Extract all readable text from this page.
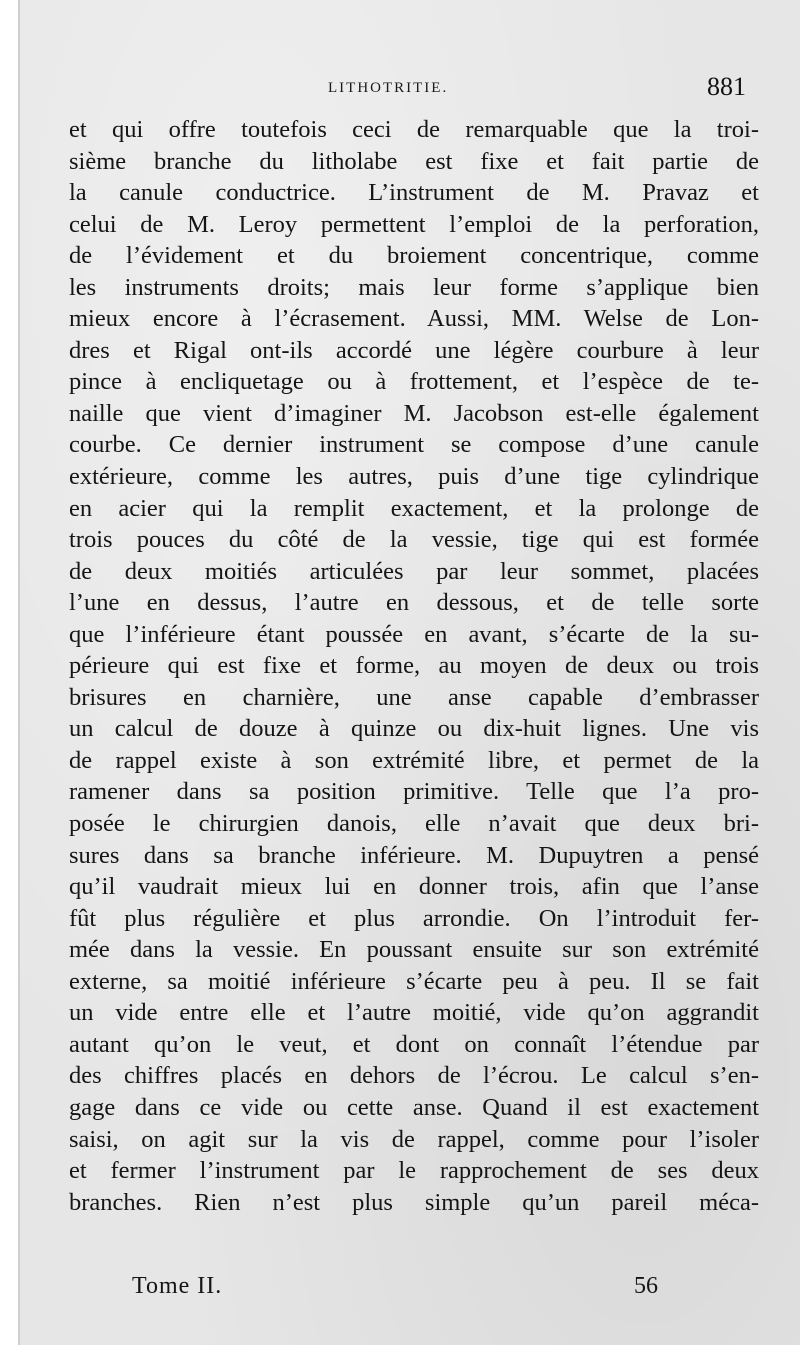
LITHOTRITIE.	881
et qui offre toutefois ceci de remarquable que la troi-
sième branche du litholabe est fixe et fait partie de
la canule conductrice. L’instrument de M. Pravaz et
celui de M. Leroy permettent l’emploi de la perforation,
de l’évidement et du broiement concentrique, comme
les instruments droits; mais leur forme s’applique bien
mieux encore à l’écrasement. Aussi, MM. Welse de Lon-
dres et Rigal ont-ils accordé une légère courbure à leur
pince à encliquetage ou à frottement, et l’espèce de te-
naille que vient d’imaginer M. Jacobson est-elle également
courbe. Ce dernier instrument se compose d’une canule
extérieure, comme les autres, puis d’une tige cylindrique
en acier qui la remplit exactement, et la prolonge de
trois pouces du côté de la vessie, tige qui est formée
de deux moitiés articulées par leur sommet, placées
l’une en dessus, l’autre en dessous, et de telle sorte
que l’inférieure étant poussée en avant, s’écarte de la su-
périeure qui est fixe et forme, au moyen de deux ou trois
brisures en charnière, une anse capable d’embrasser
un calcul de douze à quinze ou dix-huit lignes. Une vis
de rappel existe à son extrémité libre, et permet de la
ramener dans sa position primitive. Telle que l’a pro-
posée le chirurgien danois, elle n’avait que deux bri-
sures dans sa branche inférieure. M. Dupuytren a pensé
qu’il vaudrait mieux lui en donner trois, afin que l’anse
fût plus régulière et plus arrondie. On l’introduit fer-
mée dans la vessie. En poussant ensuite sur son extrémité
externe, sa moitié inférieure s’écarte peu à peu. Il se fait
un vide entre elle et l’autre moitié, vide qu’on aggrandit
autant qu’on le veut, et dont on connaît l’étendue par
des chiffres placés en dehors de l’écrou. Le calcul s’en-
gage dans ce vide ou cette anse. Quand il est exactement
saisi, on agit sur la vis de rappel, comme pour l’isoler
et fermer l’instrument par le rapprochement de ses deux
branches. Rien n’est plus simple qu’un pareil méca-
Tome II.	56
